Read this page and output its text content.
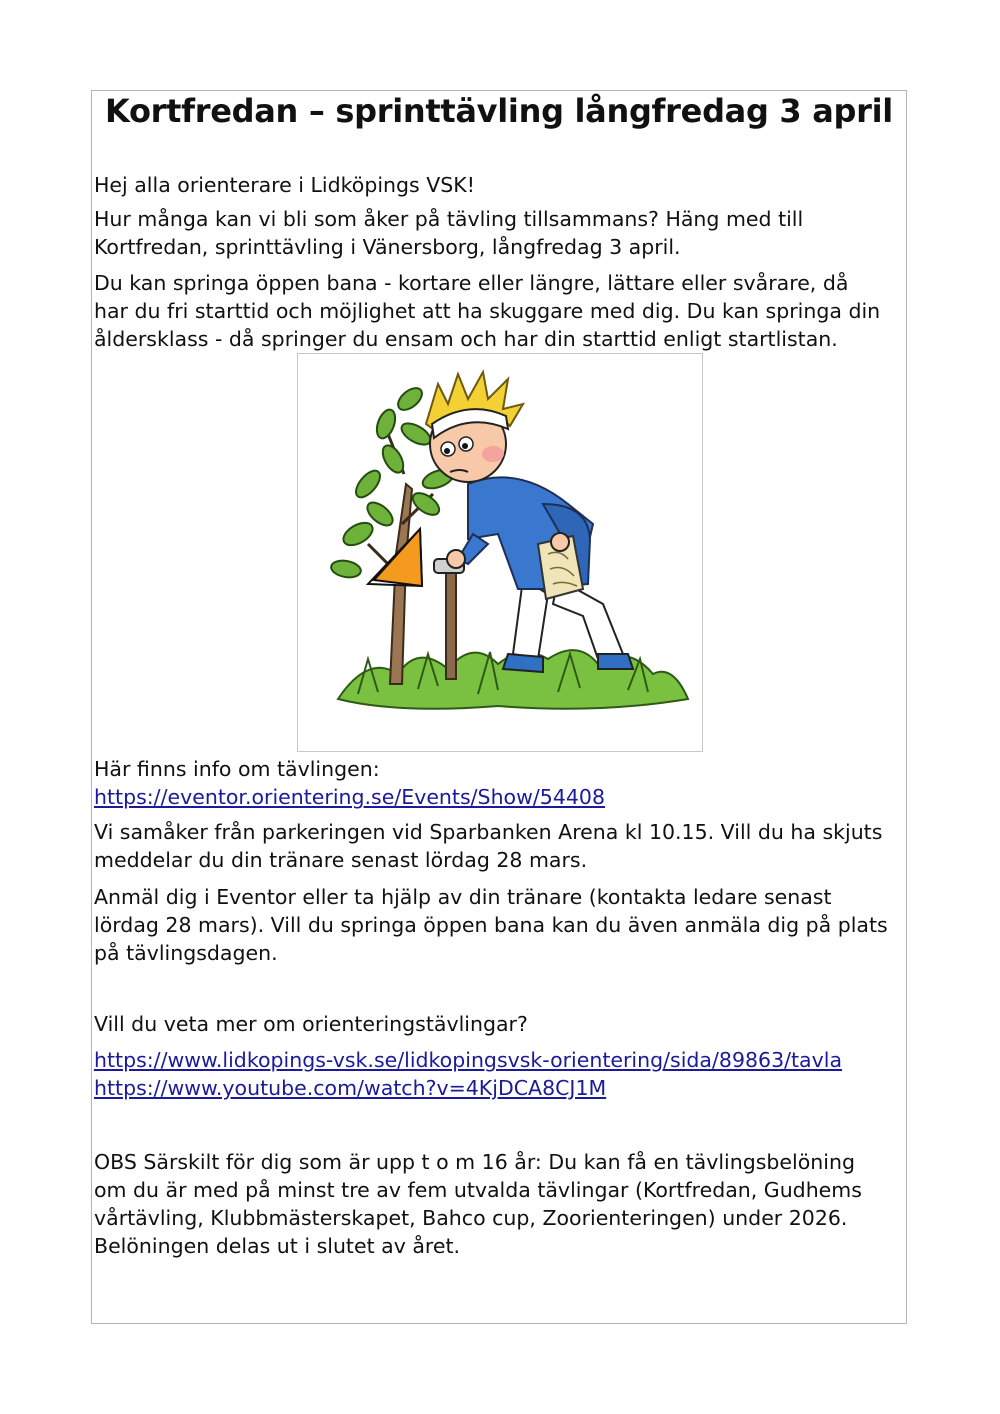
Kortfredan – sprinttävling långfredag 3 april

Hej alla orienterare i Lidköpings VSK!

Hur många kan vi bli som åker på tävling tillsammans? Häng med till
Kortfredan, sprinttävling i Vänersborg, långfredag 3 april.
Du kan springa öppen bana - kortare eller längre, lättare eller svårare, då
har du fri starttid och möjlighet att ha skuggare med dig. Du kan springa din
åldersklass - då springer du ensam och har din starttid enligt startlistan.

Här finns info om tävlingen:

https://eventor.orientering.se/Events/Show/54408
Vi samåker från parkeringen vid Sparbanken Arena kl 10.15. Vill du ha skjuts
meddelar du din tränare senast lördag 28 mars.
Anmäl dig i Eventor eller ta hjälp av din tränare (kontakta ledare senast
lördag 28 mars). Vill du springa öppen bana kan du även anmäla dig på plats
på tävlingsdagen.

Vill du veta mer om orienteringstävlingar?

https://www.lidkopings-vsk.se/lidkopingsvsk-orientering/sida/89863/tavla
https://www.youtube.com/watch?v=4KjDCA8CJ1M
OBS Särskilt för dig som är upp t o m 16 år: Du kan få en tävlingsbelöning
om du är med på minst tre av fem utvalda tävlingar (Kortfredan, Gudhems
vårtävling, Klubbmästerskapet, Bahco cup, Zoorienteringen) under 2026.
Belöningen delas ut i slutet av året.
